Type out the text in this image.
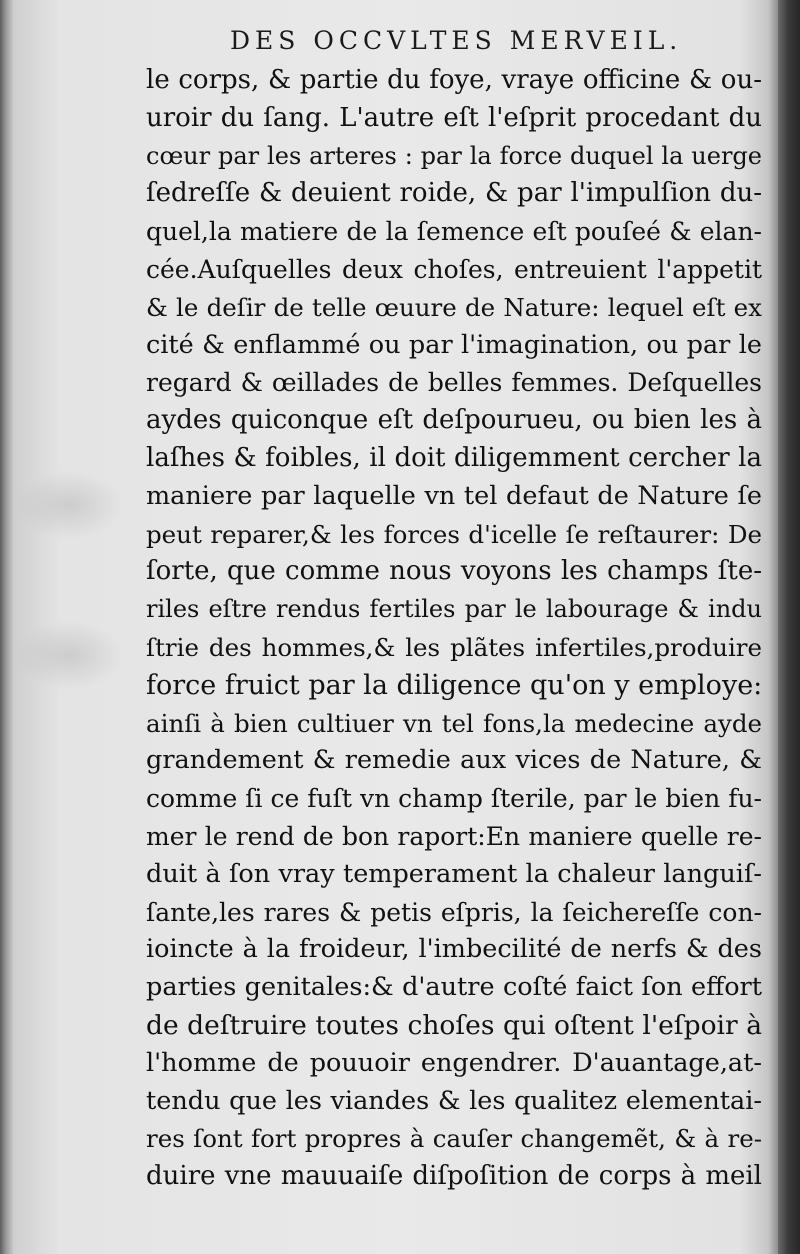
DES OCCVLTES MERVEIL.
le corps, & partie du foye, vraye officine & ou-
uroir du ſang. L'autre eſt l'eſprit procedant du
cœur par les arteres : par la force duquel la uerge
ſedreſſe & deuient roide, & par l'impulſion du-
quel,la matiere de la ſemence eſt pouſeé & elan-
cée.Auſquelles deux choſes, entreuient l'appetit
& le deſir de telle œuure de Nature: lequel eſt ex
cité & enflammé ou par l'imagination, ou par le
regard & œillades de belles femmes. Deſquelles
aydes quiconque eſt deſpourueu, ou bien les à
laſhes & foibles, il doit diligemment cercher la
maniere par laquelle vn tel defaut de Nature ſe
peut reparer,& les forces d'icelle ſe reſtaurer: De
ſorte, que comme nous voyons les champs ſte-
riles eſtre rendus fertiles par le labourage & indu
ſtrie des hommes,& les plãtes infertiles,produire
force fruict par la diligence qu'on y employe:
ainſi à bien cultiuer vn tel fons,la medecine ayde
grandement & remedie aux vices de Nature, &
comme ſi ce fuſt vn champ ſterile, par le bien fu-
mer le rend de bon raport:En maniere quelle re-
duit à ſon vray temperament la chaleur languiſ-
ſante,les rares & petis eſpris, la ſeichereſſe con-
ioincte à la froideur, l'imbecilité de nerfs & des
parties genitales:& d'autre coſté faict ſon effort
de deſtruire toutes choſes qui oſtent l'eſpoir à
l'homme de pouuoir engendrer. D'auantage,at-
tendu que les viandes & les qualitez elementai-
res ſont fort propres à cauſer changemẽt, & à re-
duire vne mauuaiſe diſpoſition de corps à meil
